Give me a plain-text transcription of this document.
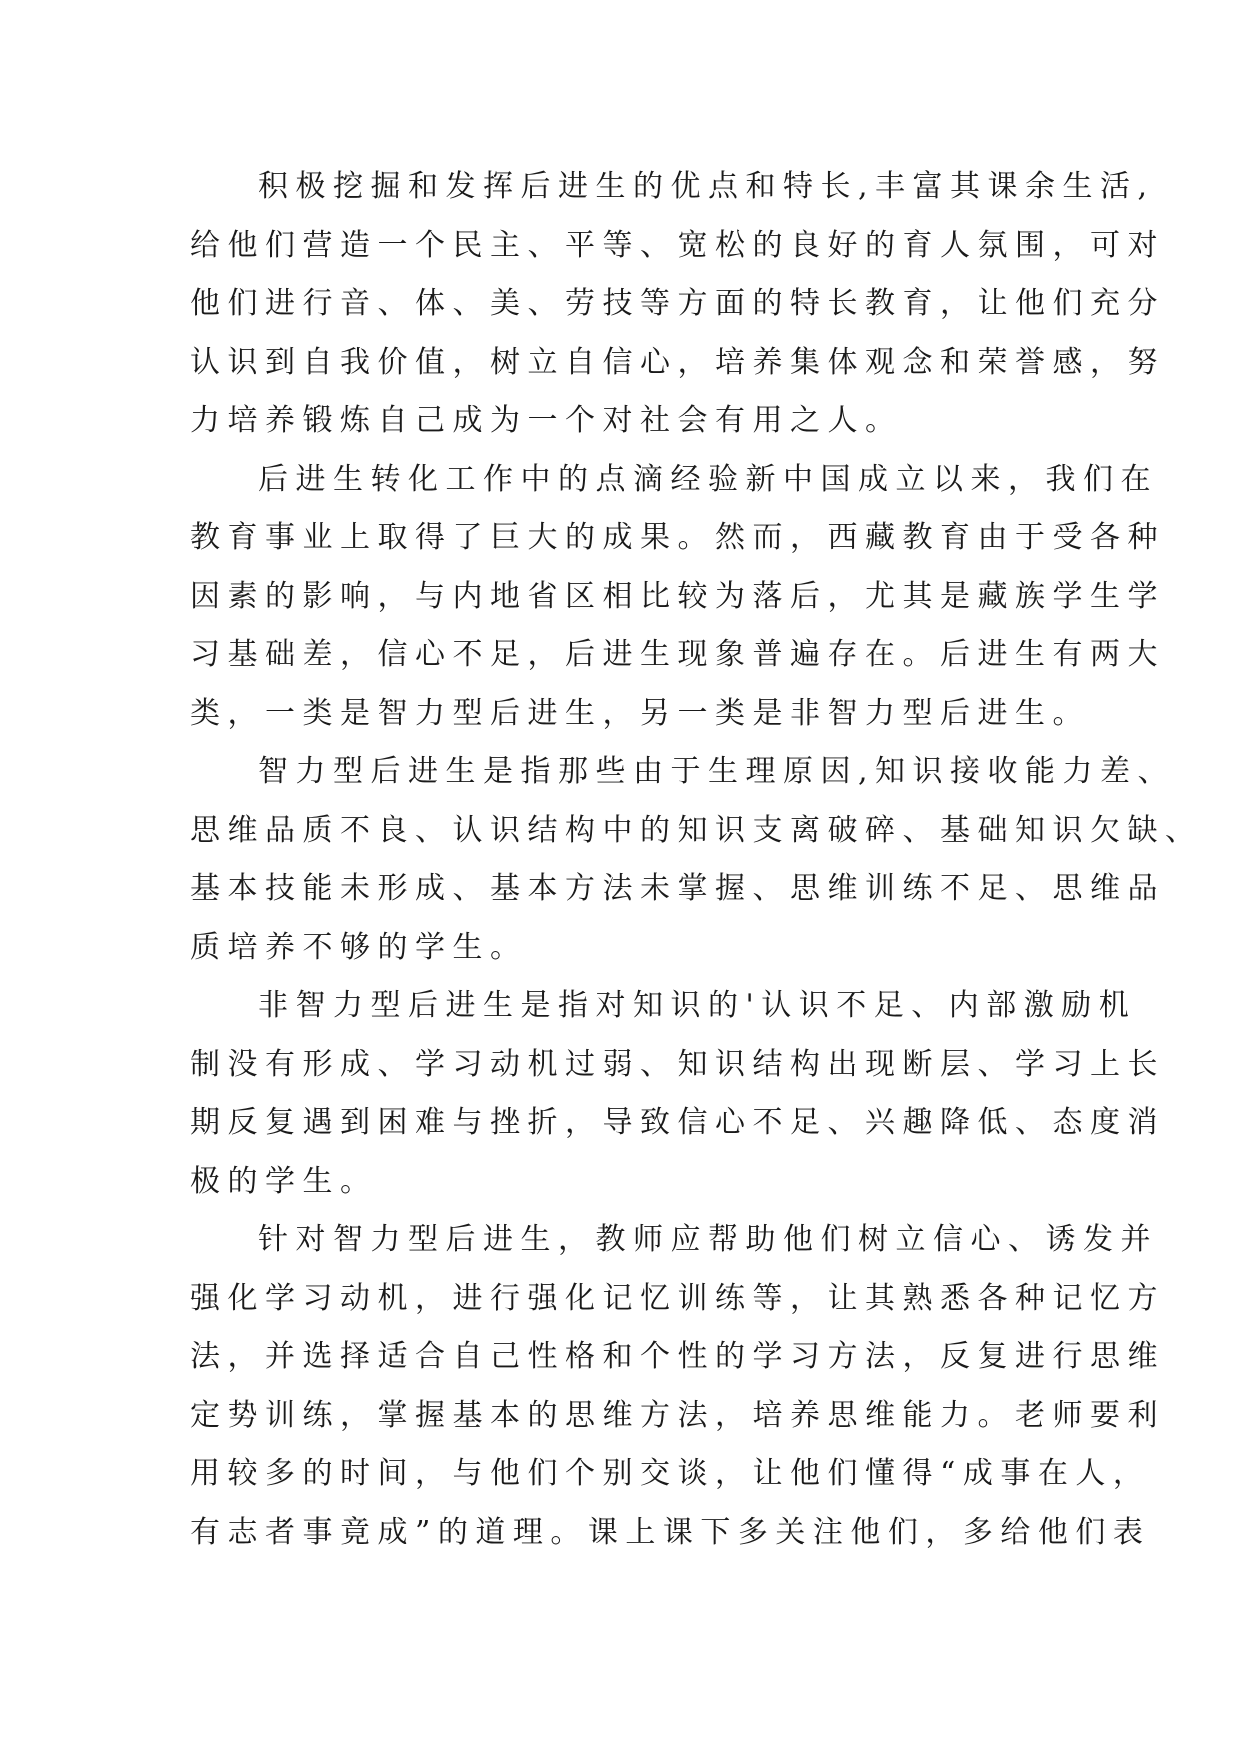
积极挖掘和发挥后进生的优点和特长,丰富其课余生活,
给他们营造一个民主、平等、宽松的良好的育人氛围，可对
他们进行音、体、美、劳技等方面的特长教育，让他们充分
认识到自我价值，树立自信心，培养集体观念和荣誉感，努
力培养锻炼自己成为一个对社会有用之人。
后进生转化工作中的点滴经验新中国成立以来，我们在
教育事业上取得了巨大的成果。然而，西藏教育由于受各种
因素的影响，与内地省区相比较为落后，尤其是藏族学生学
习基础差，信心不足，后进生现象普遍存在。后进生有两大
类，一类是智力型后进生，另一类是非智力型后进生。
智力型后进生是指那些由于生理原因,知识接收能力差、
思维品质不良、认识结构中的知识支离破碎、基础知识欠缺、
基本技能未形成、基本方法未掌握、思维训练不足、思维品
质培养不够的学生。
非智力型后进生是指对知识的'认识不足、内部激励机
制没有形成、学习动机过弱、知识结构出现断层、学习上长
期反复遇到困难与挫折，导致信心不足、兴趣降低、态度消
极的学生。
针对智力型后进生，教师应帮助他们树立信心、诱发并
强化学习动机，进行强化记忆训练等，让其熟悉各种记忆方
法，并选择适合自己性格和个性的学习方法，反复进行思维
定势训练，掌握基本的思维方法，培养思维能力。老师要利
用较多的时间，与他们个别交谈，让他们懂得“成事在人，
有志者事竟成”的道理。课上课下多关注他们，多给他们表
